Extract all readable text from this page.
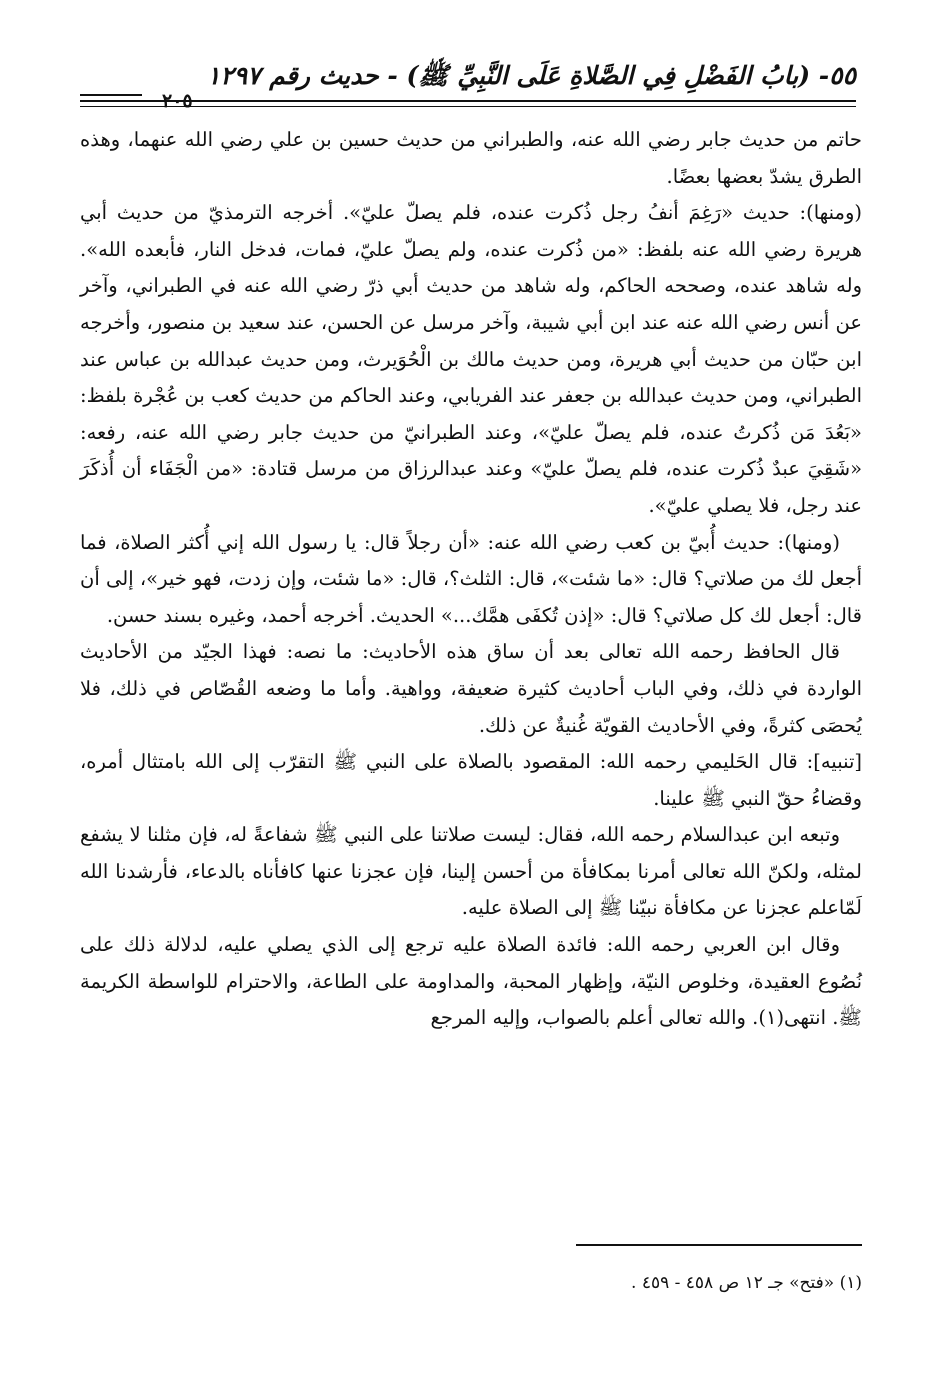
٥٥- (بابُ الفَضْلِ فِي الصَّلاةِ عَلَى النَّبِيِّ ﷺ) - حديث رقم ١٢٩٧
٢٠٥

حاتم من حديث جابر رضي الله عنه، والطبراني من حديث حسين بن علي رضي الله عنهما، وهذه الطرق يشدّ بعضها بعضًا.

(ومنها): حديث «رَغِمَ أنفُ رجل ذُكرت عنده، فلم يصلّ عليّ». أخرجه الترمذيّ من حديث أبي هريرة رضي الله عنه بلفظ: «من ذُكرت عنده، ولم يصلّ عليّ، فمات، فدخل النار، فأبعده الله». وله شاهد عنده، وصححه الحاكم، وله شاهد من حديث أبي ذرّ رضي الله عنه في الطبراني، وآخر عن أنس رضي الله عنه عند ابن أبي شيبة، وآخر مرسل عن الحسن، عند سعيد بن منصور، وأخرجه ابن حبّان من حديث أبي هريرة، ومن حديث مالك بن الْحُوَيرث، ومن حديث عبدالله بن عباس عند الطبراني، ومن حديث عبدالله بن جعفر عند الفريابي، وعند الحاكم من حديث كعب بن عُجْرة بلفظ: «بَعُدَ مَن ذُكرتُ عنده، فلم يصلّ عليّ»، وعند الطبرانيّ من حديث جابر رضي الله عنه، رفعه: «شَقِيَ عبدٌ ذُكرت عنده، فلم يصلّ عليّ» وعند عبدالرزاق من مرسل قتادة: «من الْجَفَاء أن أُذكَرَ عند رجل، فلا يصلي عليّ».

(ومنها): حديث أُبيّ بن كعب رضي الله عنه: «أن رجلاً قال: يا رسول الله إني أُكثر الصلاة، فما أجعل لك من صلاتي؟ قال: «ما شئت»، قال: الثلث؟، قال: «ما شئت، وإن زدت، فهو خير»، إلى أن قال: أجعل لك كل صلاتي؟ قال: «إذن تُكفَى همَّك...» الحديث. أخرجه أحمد، وغيره بسند حسن.

قال الحافظ رحمه الله تعالى بعد أن ساق هذه الأحاديث: ما نصه: فهذا الجيّد من الأحاديث الواردة في ذلك، وفي الباب أحاديث كثيرة ضعيفة، وواهية. وأما ما وضعه القُصّاص في ذلك، فلا يُحصَى كثرةً، وفي الأحاديث القويّة غُنيةٌ عن ذلك.

[تنبيه]: قال الحَليمي رحمه الله: المقصود بالصلاة على النبي ﷺ التقرّب إلى الله بامتثال أمره، وقضاءُ حقّ النبي ﷺ علينا.

وتبعه ابن عبدالسلام رحمه الله، فقال: ليست صلاتنا على النبي ﷺ شفاعةً له، فإن مثلنا لا يشفع لمثله، ولكنّ الله تعالى أمرنا بمكافأة من أحسن إلينا، فإن عجزنا عنها كافأناه بالدعاء، فأرشدنا الله لَمّاعلم عجزنا عن مكافأة نبيّنا ﷺ إلى الصلاة عليه.

وقال ابن العربي رحمه الله: فائدة الصلاة عليه ترجع إلى الذي يصلي عليه، لدلالة ذلك على نُصُوع العقيدة، وخلوص النيّة، وإظهار المحبة، والمداومة على الطاعة، والاحترام للواسطة الكريمة ﷺ. انتهى(١). والله تعالى أعلم بالصواب، وإليه المرجع

(١) «فتح» جـ ١٢ ص ٤٥٨ - ٤٥٩ .
